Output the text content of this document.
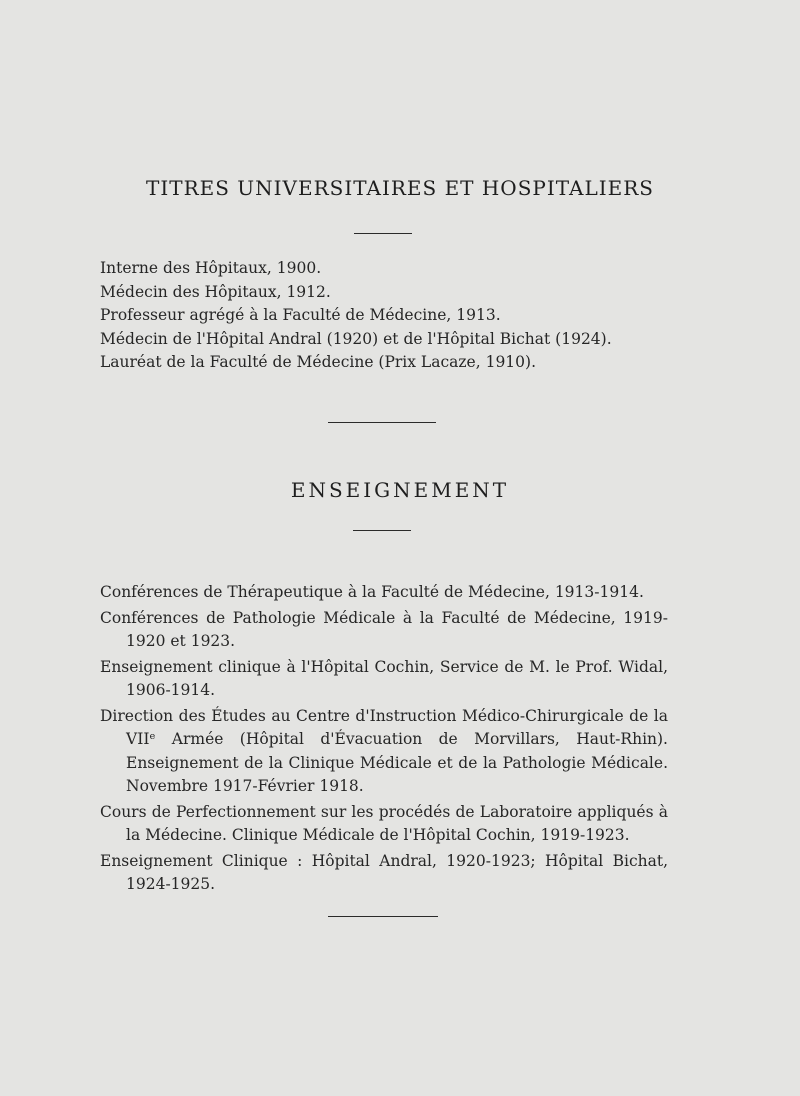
TITRES UNIVERSITAIRES ET HOSPITALIERS
Interne des Hôpitaux, 1900.
Médecin des Hôpitaux, 1912.
Professeur agrégé à la Faculté de Médecine, 1913.
Médecin de l'Hôpital Andral (1920) et de l'Hôpital Bichat (1924).
Lauréat de la Faculté de Médecine (Prix Lacaze, 1910).
ENSEIGNEMENT
Conférences de Thérapeutique à la Faculté de Médecine, 1913-1914.
Conférences de Pathologie Médicale à la Faculté de Médecine, 1919-1920 et 1923.
Enseignement clinique à l'Hôpital Cochin, Service de M. le Prof. Widal, 1906-1914.
Direction des Études au Centre d'Instruction Médico-Chirurgicale de la VIIᵉ Armée (Hôpital d'Évacuation de Morvillars, Haut-Rhin). Enseignement de la Clinique Médicale et de la Pathologie Médicale. Novembre 1917-Février 1918.
Cours de Perfectionnement sur les procédés de Laboratoire appliqués à la Médecine. Clinique Médicale de l'Hôpital Cochin, 1919-1923.
Enseignement Clinique : Hôpital Andral, 1920-1923; Hôpital Bichat, 1924-1925.
